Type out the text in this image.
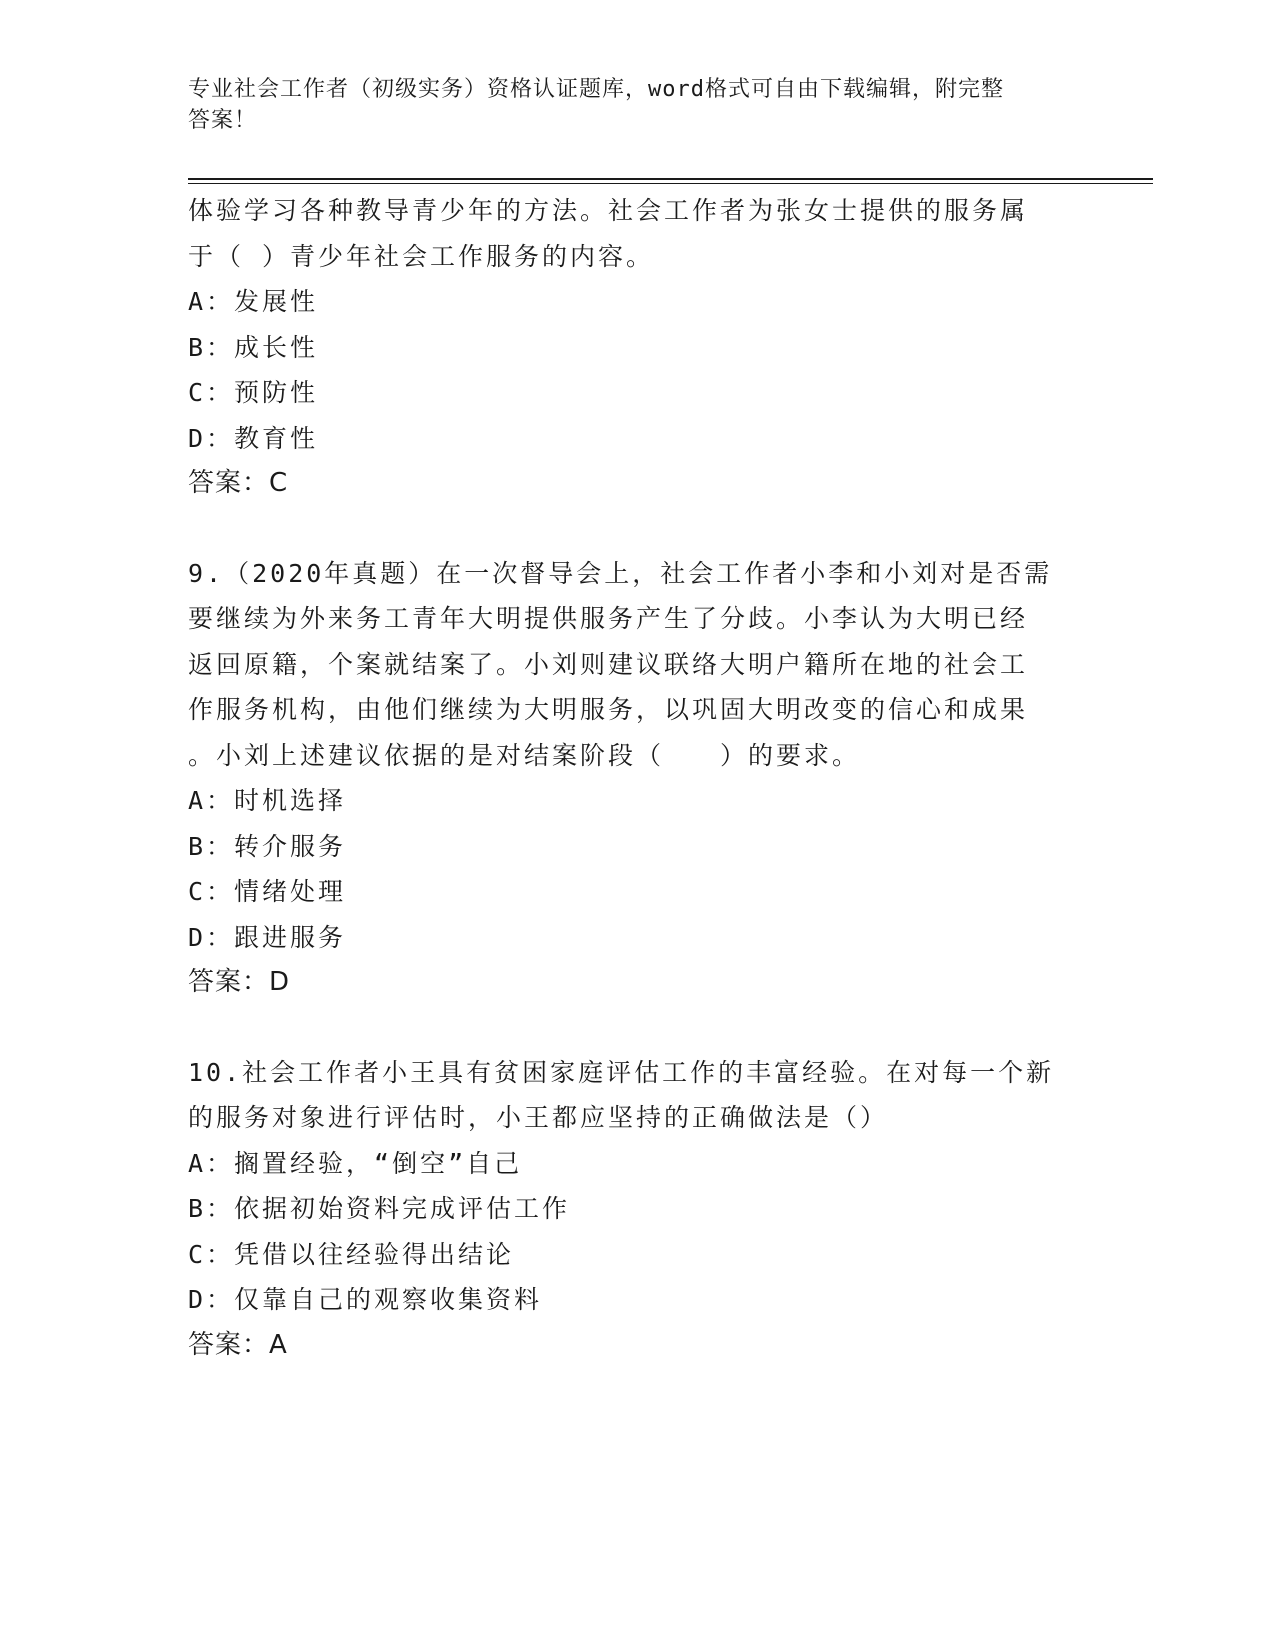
专业社会工作者（初级实务）资格认证题库，word格式可自由下载编辑，附完整
答案！
体验学习各种教导青少年的方法。社会工作者为张女士提供的服务属
于（ ）青少年社会工作服务的内容。
A：发展性
B：成长性
C：预防性
D：教育性
答案：C
9.（2020年真题）在一次督导会上，社会工作者小李和小刘对是否需
要继续为外来务工青年大明提供服务产生了分歧。小李认为大明已经
返回原籍，个案就结案了。小刘则建议联络大明户籍所在地的社会工
作服务机构，由他们继续为大明服务，以巩固大明改变的信心和成果
。小刘上述建议依据的是对结案阶段（　　）的要求。
A：时机选择
B：转介服务
C：情绪处理
D：跟进服务
答案：D
10.社会工作者小王具有贫困家庭评估工作的丰富经验。在对每一个新
的服务对象进行评估时，小王都应坚持的正确做法是（）
A：搁置经验，“倒空”自己
B：依据初始资料完成评估工作
C：凭借以往经验得出结论
D：仅靠自己的观察收集资料
答案：A
